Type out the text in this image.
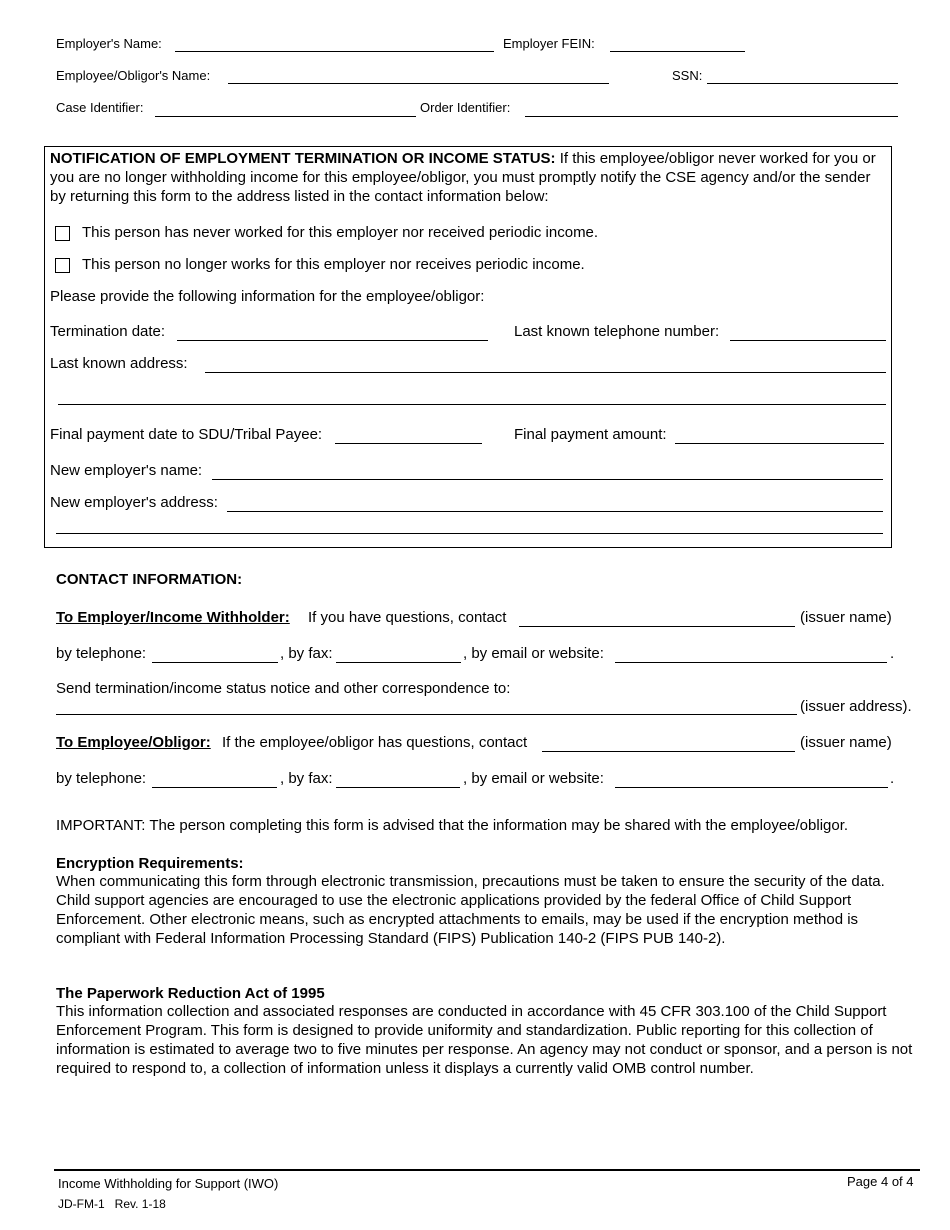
Employer's Name:	Employer FEIN:
Employee/Obligor's Name:	SSN:
Case Identifier:	Order Identifier:
NOTIFICATION OF EMPLOYMENT TERMINATION OR INCOME STATUS: If this employee/obligor never worked for you or you are no longer withholding income for this employee/obligor, you must promptly notify the CSE agency and/or the sender by returning this form to the address listed in the contact information below:
This person has never worked for this employer nor received periodic income.
This person no longer works for this employer nor receives periodic income.
Please provide the following information for the employee/obligor:
Termination date:	Last known telephone number:
Last known address:
Final payment date to SDU/Tribal Payee:	Final payment amount:
New employer's name:
New employer's address:
CONTACT INFORMATION:
To Employer/Income Withholder: If you have questions, contact	(issuer name)
by telephone:	, by fax:	, by email or website:	.
Send termination/income status notice and other correspondence to:
(issuer address).
To Employee/Obligor: If the employee/obligor has questions, contact	(issuer name)
by telephone:	, by fax:	, by email or website:	.
IMPORTANT: The person completing this form is advised that the information may be shared with the employee/obligor.
Encryption Requirements:
When communicating this form through electronic transmission, precautions must be taken to ensure the security of the data. Child support agencies are encouraged to use the electronic applications provided by the federal Office of Child Support Enforcement. Other electronic means, such as encrypted attachments to emails, may be used if the encryption method is compliant with Federal Information Processing Standard (FIPS) Publication 140-2 (FIPS PUB 140-2).
The Paperwork Reduction Act of 1995
This information collection and associated responses are conducted in accordance with 45 CFR 303.100 of the Child Support Enforcement Program. This form is designed to provide uniformity and standardization. Public reporting for this collection of information is estimated to average two to five minutes per response. An agency may not conduct or sponsor, and a person is not required to respond to, a collection of information unless it displays a currently valid OMB control number.
Income Withholding for Support (IWO)	Page 4 of 4
JD-FM-1   Rev. 1-18
